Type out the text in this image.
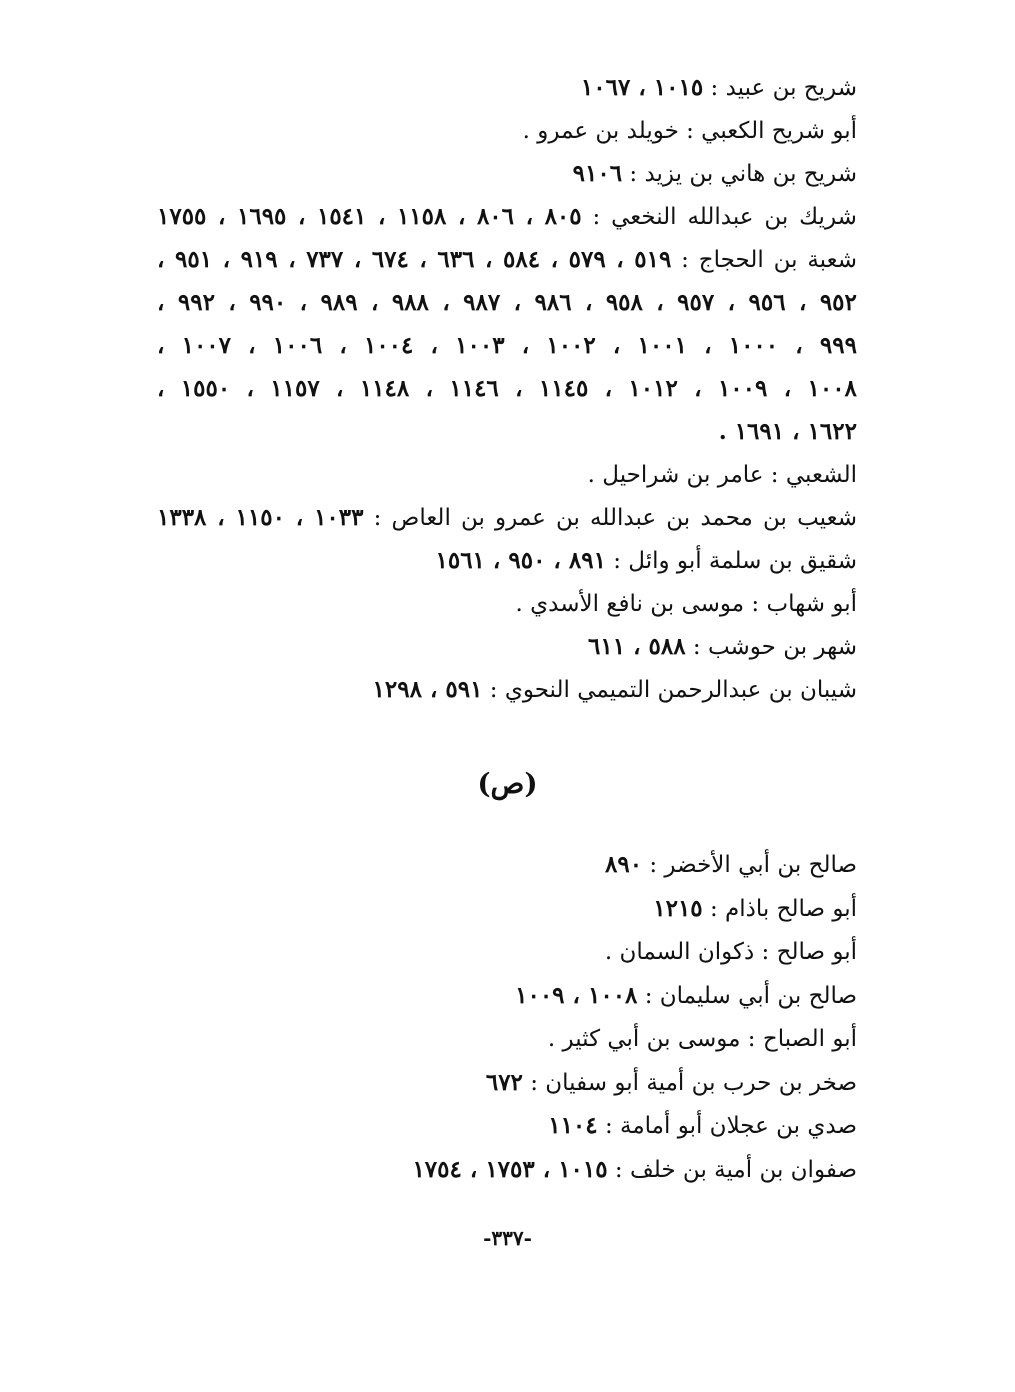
شريح بن عبيد : ١٠١٥ ، ١٠٦٧
أبو شريح الكعبي : خويلد بن عمرو .
شريح بن هاني بن يزيد : ٩١٠٦
شريك بن عبدالله النخعي : ٨٠٥ ، ٨٠٦ ، ١١٥٨ ، ١٥٤١ ، ١٦٩٥ ، ١٧٥٥
شعبة بن الحجاج : ٥١٩ ، ٥٧٩ ، ٥٨٤ ، ٦٣٦ ، ٦٧٤ ، ٧٣٧ ، ٩١٩ ، ٩٥١ ،
٩٥٢ ، ٩٥٦ ، ٩٥٧ ، ٩٥٨ ، ٩٨٦ ، ٩٨٧ ، ٩٨٨ ، ٩٨٩ ، ٩٩٠ ، ٩٩٢ ،
٩٩٩ ، ١٠٠٠ ، ١٠٠١ ، ١٠٠٢ ، ١٠٠٣ ، ١٠٠٤ ، ١٠٠٦ ، ١٠٠٧ ،
١٠٠٨ ، ١٠٠٩ ، ١٠١٢ ، ١١٤٥ ، ١١٤٦ ، ١١٤٨ ، ١١٥٧ ، ١٥٥٠ ،
١٦٢٢ ، ١٦٩١ .
الشعبي : عامر بن شراحيل .
شعيب بن محمد بن عبدالله بن عمرو بن العاص : ١٠٣٣ ، ١١٥٠ ، ١٣٣٨
شقيق بن سلمة أبو وائل : ٨٩١ ، ٩٥٠ ، ١٥٦١
أبو شهاب : موسى بن نافع الأسدي .
شهر بن حوشب : ٥٨٨ ، ٦١١
شيبان بن عبدالرحمن التميمي النحوي : ٥٩١ ، ١٢٩٨
(ص)
صالح بن أبي الأخضر : ٨٩٠
أبو صالح باذام : ١٢١٥
أبو صالح : ذكوان السمان .
صالح بن أبي سليمان : ١٠٠٨ ، ١٠٠٩
أبو الصباح : موسى بن أبي كثير .
صخر بن حرب بن أمية أبو سفيان : ٦٧٢
صدي بن عجلان أبو أمامة : ١١٠٤
صفوان بن أمية بن خلف : ١٠١٥ ، ١٧٥٣ ، ١٧٥٤
-٣٣٧-
